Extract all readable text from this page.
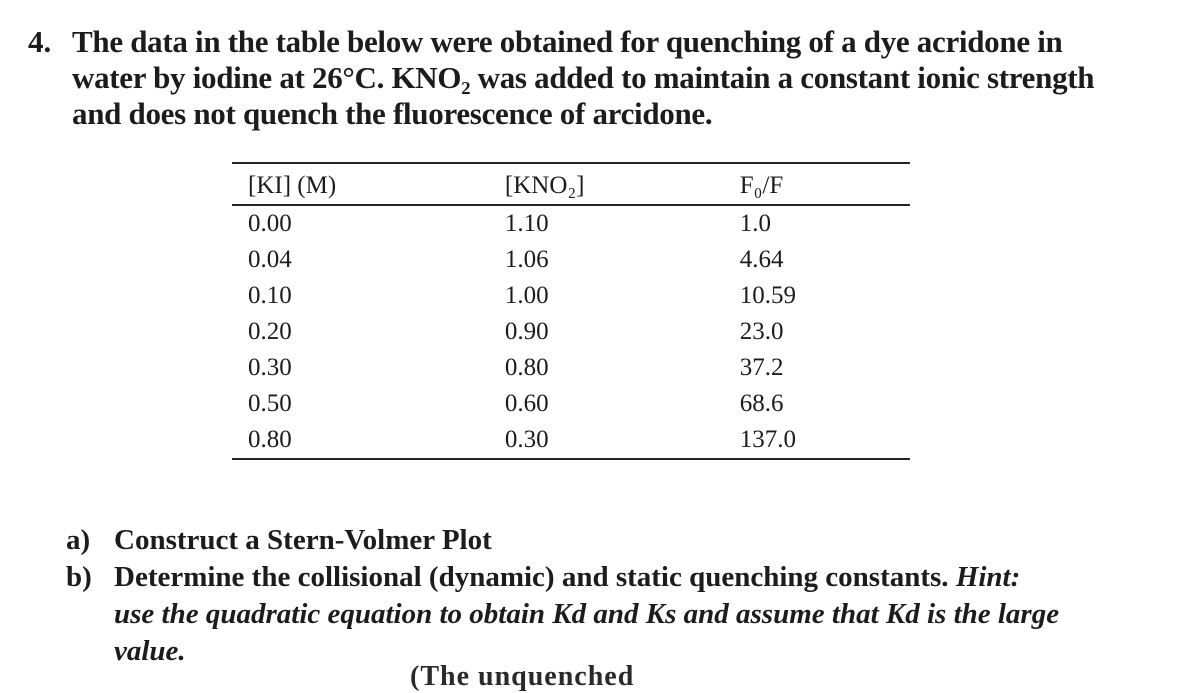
4. The data in the table below were obtained for quenching of a dye acridone in
water by iodine at 26°C. KNO₂ was added to maintain a constant ionic strength
and does not quench the fluorescence of arcidone.
[KI] (M)	[KNO₂]	F₀/F
0.00	1.10	1.0
0.04	1.06	4.64
0.10	1.00	10.59
0.20	0.90	23.0
0.30	0.80	37.2
0.50	0.60	68.6
0.80	0.30	137.0
a) Construct a Stern-Volmer Plot
b) Determine the collisional (dynamic) and static quenching constants. Hint:
use the quadratic equation to obtain Kd and Ks and assume that Kd is the large
value.
(The unquenched
